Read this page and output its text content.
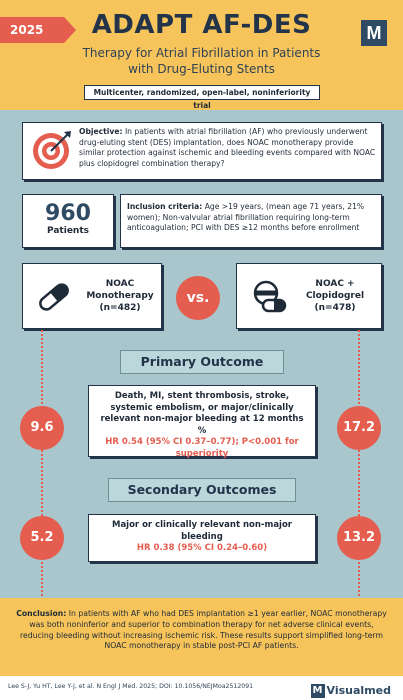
2025	ADAPT AF-DES
Therapy for Atrial Fibrillation in Patients with Drug-Eluting Stents
Multicenter, randomized, open-label, noninferiority trial
M
Objective: In patients with atrial fibrillation (AF) who previously underwent drug-eluting stent (DES) implantation, does NOAC monotherapy provide similar protection against ischemic and bleeding events compared with NOAC plus clopidogrel combination therapy?
960
Patients
Inclusion criteria: Age >19 years, (mean age 71 years, 21% women); Non-valvular atrial fibrillation requiring long-term anticoagulation; PCI with DES ≥12 months before enrollment
NOAC
Monotherapy
(n=482)
vs.
NOAC +
Clopidogrel
(n=478)
Primary Outcome
Death, MI, stent thrombosis, stroke, systemic embolism, or major/clinically relevant non-major bleeding at 12 months %
HR 0.54 (95% CI 0.37–0.77); P<0.001 for superiority
9.6	17.2
Secondary Outcomes
Major or clinically relevant non-major bleeding
HR 0.38 (95% CI 0.24–0.60)
5.2	13.2
Conclusion: In patients with AF who had DES implantation ≥1 year earlier, NOAC monotherapy was both noninferior and superior to combination therapy for net adverse clinical events, reducing bleeding without increasing ischemic risk. These results support simplified long-term NOAC monotherapy in stable post-PCI AF patients.
Lee S-J, Yu HT, Lee Y-J, et al. N Engl J Med. 2025; DOI: 10.1056/NEJMoa2512091	M Visualmed
